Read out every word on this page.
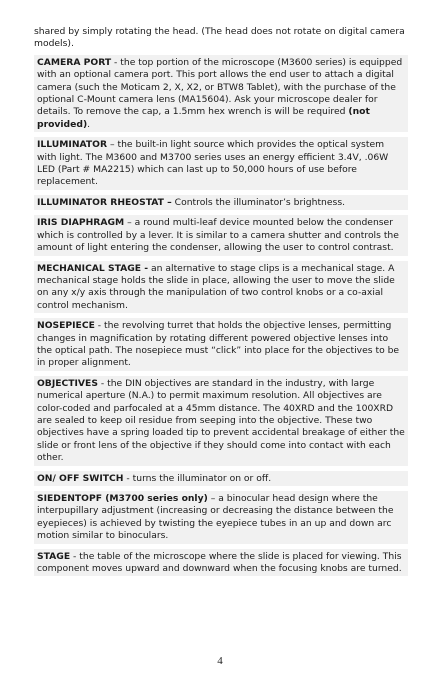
shared by simply rotating the head. (The head does not rotate on digital camera models).

CAMERA PORT - the top portion of the microscope (M3600 series) is equipped with an optional camera port. This port allows the end user to attach a digital camera (such the Moticam 2, X, X2, or BTW8 Tablet), with the purchase of the optional C-Mount camera lens (MA15604). Ask your microscope dealer for details. To remove the cap, a 1.5mm hex wrench is will be required (not provided).

ILLUMINATOR – the built-in light source which provides the optical system with light. The M3600 and M3700 series uses an energy efficient 3.4V, .06W LED (Part # MA2215) which can last up to 50,000 hours of use before replacement.

ILLUMINATOR RHEOSTAT – Controls the illuminator’s brightness.

IRIS DIAPHRAGM – a round multi-leaf device mounted below the condenser which is controlled by a lever. It is similar to a camera shutter and controls the amount of light entering the condenser, allowing the user to control contrast.

MECHANICAL STAGE - an alternative to stage clips is a mechanical stage. A mechanical stage holds the slide in place, allowing the user to move the slide on any x/y axis through the manipulation of two control knobs or a co-axial control mechanism.

NOSEPIECE - the revolving turret that holds the objective lenses, permitting changes in magnification by rotating different powered objective lenses into the optical path. The nosepiece must “click” into place for the objectives to be in proper alignment.

OBJECTIVES - the DIN objectives are standard in the industry, with large numerical aperture (N.A.) to permit maximum resolution. All objectives are color-coded and parfocaled at a 45mm distance. The 40XRD and the 100XRD are sealed to keep oil residue from seeping into the objective. These two objectives have a spring loaded tip to prevent accidental breakage of either the slide or front lens of the objective if they should come into contact with each other.

ON/ OFF SWITCH - turns the illuminator on or off.

SIEDENTOPF (M3700 series only) – a binocular head design where the interpupillary adjustment (increasing or decreasing the distance between the eyepieces) is achieved by twisting the eyepiece tubes in an up and down arc motion similar to binoculars.

STAGE - the table of the microscope where the slide is placed for viewing. This component moves upward and downward when the focusing knobs are turned.

4
